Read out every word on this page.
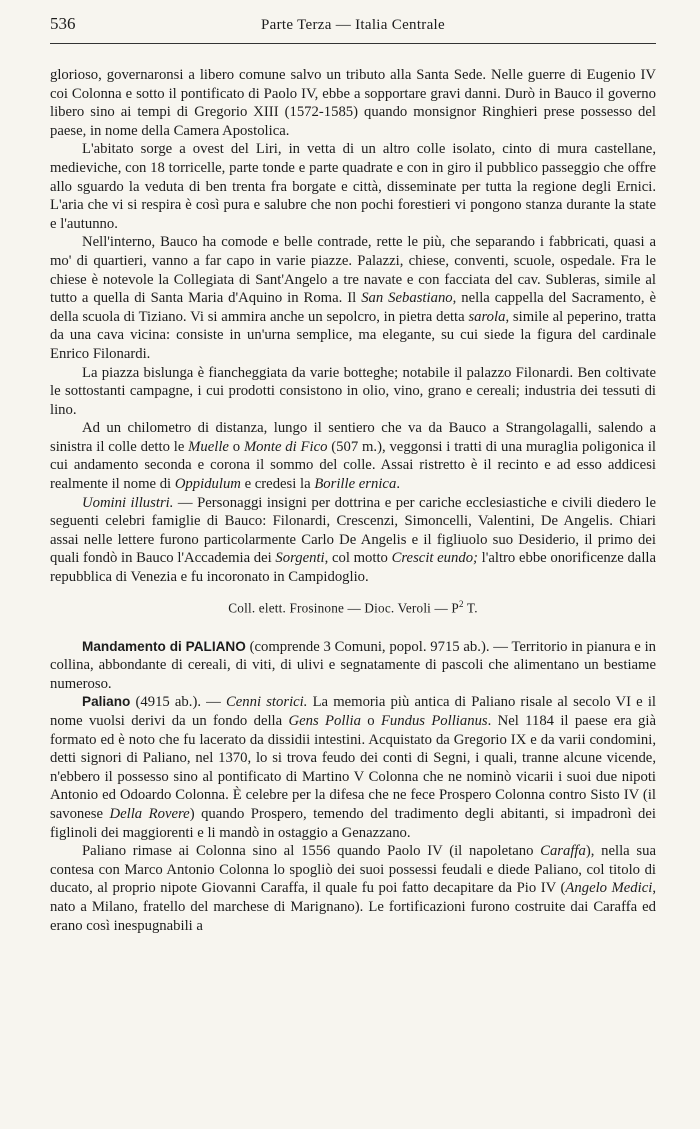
536	Parte Terza — Italia Centrale

glorioso, governaronsi a libero comune salvo un tributo alla Santa Sede. Nelle guerre di Eugenio IV coi Colonna e sotto il pontificato di Paolo IV, ebbe a sopportare gravi danni. Durò in Bauco il governo libero sino ai tempi di Gregorio XIII (1572-1585) quando monsignor Ringhieri prese possesso del paese, in nome della Camera Apostolica.

L'abitato sorge a ovest del Liri, in vetta di un altro colle isolato, cinto di mura castellane, medieviche, con 18 torricelle, parte tonde e parte quadrate e con in giro il pubblico passeggio che offre allo sguardo la veduta di ben trenta fra borgate e città, disseminate per tutta la regione degli Ernici. L'aria che vi si respira è così pura e salubre che non pochi forestieri vi pongono stanza durante la state e l'autunno.

Nell'interno, Bauco ha comode e belle contrade, rette le più, che separando i fabbricati, quasi a mo' di quartieri, vanno a far capo in varie piazze. Palazzi, chiese, conventi, scuole, ospedale. Fra le chiese è notevole la Collegiata di Sant'Angelo a tre navate e con facciata del cav. Subleras, simile al tutto a quella di Santa Maria d'Aquino in Roma. Il San Sebastiano, nella cappella del Sacramento, è della scuola di Tiziano. Vi si ammira anche un sepolcro, in pietra detta sarola, simile al peperino, tratta da una cava vicina: consiste in un'urna semplice, ma elegante, su cui siede la figura del cardinale Enrico Filonardi.

La piazza bislunga è fiancheggiata da varie botteghe; notabile il palazzo Filonardi. Ben coltivate le sottostanti campagne, i cui prodotti consistono in olio, vino, grano e cereali; industria dei tessuti di lino.

Ad un chilometro di distanza, lungo il sentiero che va da Bauco a Strangolagalli, salendo a sinistra il colle detto le Muelle o Monte di Fico (507 m.), veggonsi i tratti di una muraglia poligonica il cui andamento seconda e corona il sommo del colle. Assai ristretto è il recinto e ad esso addicesi realmente il nome di Oppidulum e credesi la Borille ernica.

Uomini illustri. — Personaggi insigni per dottrina e per cariche ecclesiastiche e civili diedero le seguenti celebri famiglie di Bauco: Filonardi, Crescenzi, Simoncelli, Valentini, De Angelis. Chiari assai nelle lettere furono particolarmente Carlo De Angelis e il figliuolo suo Desiderio, il primo dei quali fondò in Bauco l'Accademia dei Sorgenti, col motto Crescit eundo; l'altro ebbe onorificenze dalla repubblica di Venezia e fu incoronato in Campidoglio.

Coll. elett. Frosinone — Dioc. Veroli — $P^2$ T.

Mandamento di PALIANO (comprende 3 Comuni, popol. 9715 ab.). — Territorio in pianura e in collina, abbondante di cereali, di viti, di ulivi e segnatamente di pascoli che alimentano un bestiame numeroso.

Paliano (4915 ab.). — Cenni storici. La memoria più antica di Paliano risale al secolo VI e il nome vuolsi derivi da un fondo della Gens Pollia o Fundus Pollianus. Nel 1184 il paese era già formato ed è noto che fu lacerato da dissidii intestini. Acquistato da Gregorio IX e da varii condomini, detti signori di Paliano, nel 1370, lo si trova feudo dei conti di Segni, i quali, tranne alcune vicende, n'ebbero il possesso sino al pontificato di Martino V Colonna che ne nominò vicarii i suoi due nipoti Antonio ed Odoardo Colonna. È celebre per la difesa che ne fece Prospero Colonna contro Sisto IV (il savonese Della Rovere) quando Prospero, temendo del tradimento degli abitanti, si impadronì dei figlinoli dei maggiorenti e li mandò in ostaggio a Genazzano.

Paliano rimase ai Colonna sino al 1556 quando Paolo IV (il napoletano Caraffa), nella sua contesa con Marco Antonio Colonna lo spogliò dei suoi possessi feudali e diede Paliano, col titolo di ducato, al proprio nipote Giovanni Caraffa, il quale fu poi fatto decapitare da Pio IV (Angelo Medici, nato a Milano, fratello del marchese di Marignano). Le fortificazioni furono costruite dai Caraffa ed erano così inespugnabili a
